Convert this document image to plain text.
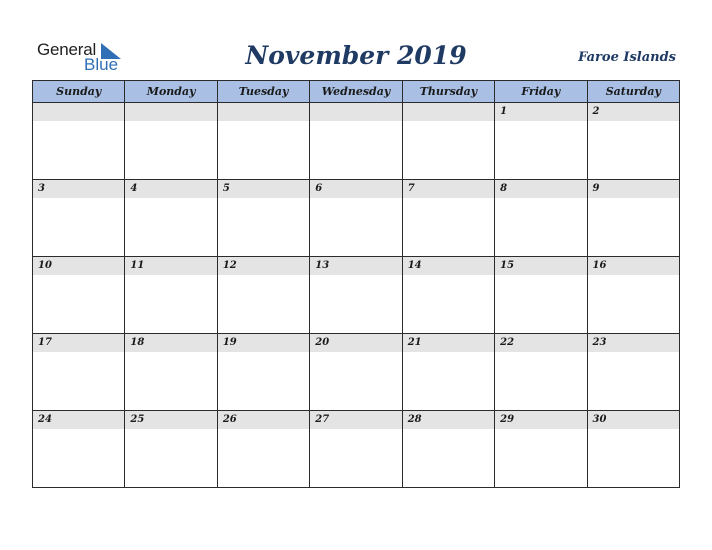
General
Blue	November 2019	Faroe Islands
Sunday	Monday	Tuesday	Wednesday	Thursday	Friday	Saturday

					1	2

3	4	5	6	7	8	9

10	11	12	13	14	15	16

17	18	19	20	21	22	23

24	25	26	27	28	29	30
